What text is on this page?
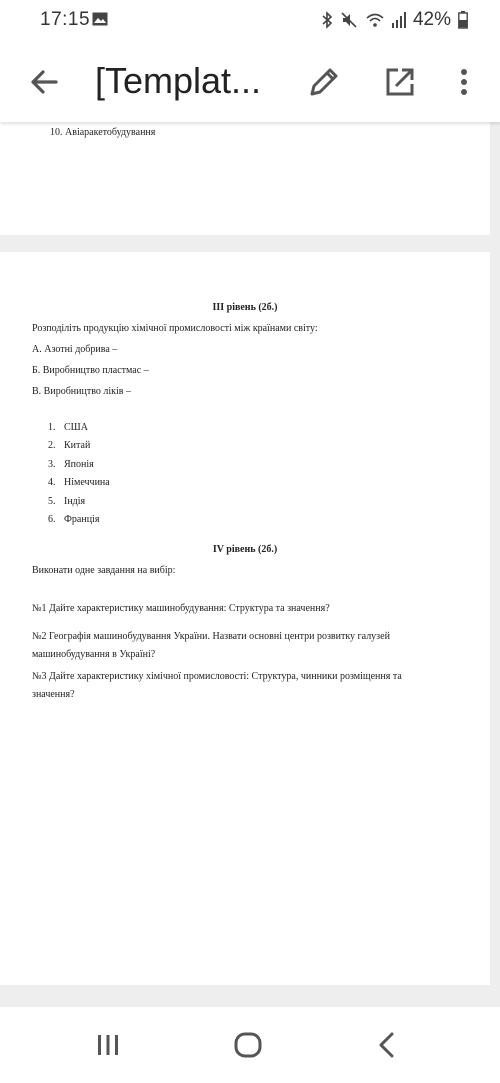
17:15	42%
[Templat...
10. Авіаракетобудування
ІІІ рівень (2б.)
Розподіліть продукцію хімічної промисловості між країнами світу:
А. Азотні добрива –
Б. Виробництво пластмас –
В. Виробництво ліків –
1. США
2. Китай
3. Японія
4. Німеччина
5. Індія
6. Франція
IV рівень (2б.)
Виконати одне завдання на вибір:
№1 Дайте характеристику машинобудування: Структура та значення?
№2 Географія машинобудування України. Назвати основні центри розвитку галузей машинобудування в Україні?
№3 Дайте характеристику хімічної промисловості: Структура, чинники розміщення та значення?
